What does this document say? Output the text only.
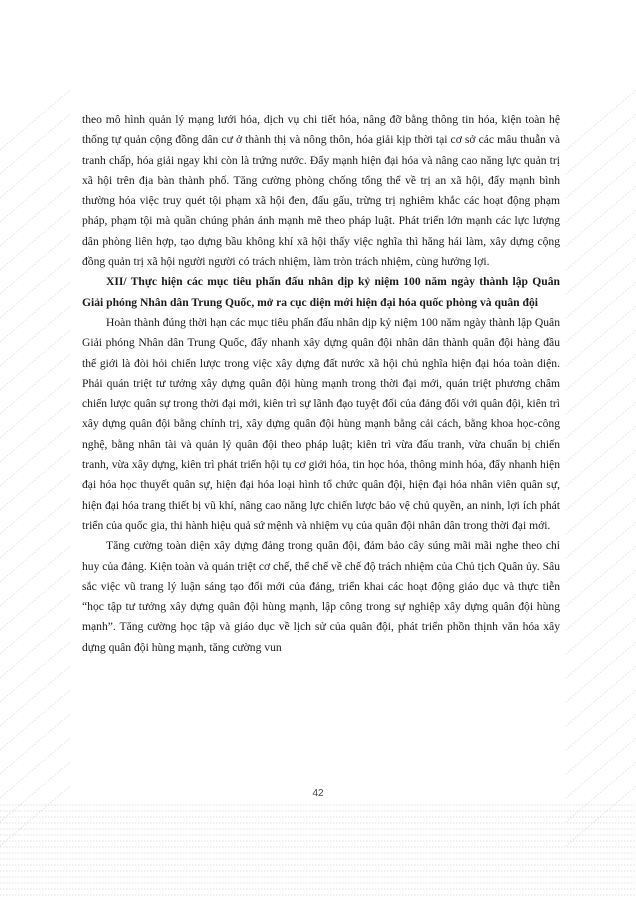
theo mô hình quản lý mạng lưới hóa, dịch vụ chi tiết hóa, nâng đỡ bằng thông tin hóa, kiện toàn hệ thống tự quản cộng đồng dân cư ở thành thị và nông thôn, hóa giải kịp thời tại cơ sở các mâu thuẫn và tranh chấp, hóa giải ngay khi còn là trứng nước. Đẩy mạnh hiện đại hóa và nâng cao năng lực quản trị xã hội trên địa bàn thành phố. Tăng cường phòng chống tổng thể về trị an xã hội, đẩy mạnh bình thường hóa việc truy quét tội phạm xã hội đen, đấu gấu, trừng trị nghiêm khắc các hoạt động phạm pháp, phạm tội mà quần chúng phản ánh mạnh mẽ theo pháp luật. Phát triển lớn mạnh các lực lượng dân phòng liên hợp, tạo dựng bầu không khí xã hội thấy việc nghĩa thì hăng hái làm, xây dựng cộng đồng quản trị xã hội người người có trách nhiệm, làm tròn trách nhiệm, cùng hưởng lợi.

XII/ Thực hiện các mục tiêu phấn đấu nhân dịp kỷ niệm 100 năm ngày thành lập Quân Giải phóng Nhân dân Trung Quốc, mở ra cục diện mới hiện đại hóa quốc phòng và quân đội

Hoàn thành đúng thời hạn các mục tiêu phấn đấu nhân dịp kỷ niệm 100 năm ngày thành lập Quân Giải phóng Nhân dân Trung Quốc, đẩy nhanh xây dựng quân đội nhân dân thành quân đội hàng đầu thế giới là đòi hỏi chiến lược trong việc xây dựng đất nước xã hội chủ nghĩa hiện đại hóa toàn diện. Phải quán triệt tư tưởng xây dựng quân đội hùng mạnh trong thời đại mới, quán triệt phương châm chiến lược quân sự trong thời đại mới, kiên trì sự lãnh đạo tuyệt đối của đảng đối với quân đội, kiên trì xây dựng quân đội bằng chính trị, xây dựng quân đội hùng mạnh bằng cải cách, bằng khoa học-công nghệ, bằng nhân tài và quản lý quân đội theo pháp luật; kiên trì vừa đấu tranh, vừa chuẩn bị chiến tranh, vừa xây dựng, kiên trì phát triển hội tụ cơ giới hóa, tin học hóa, thông minh hóa, đẩy nhanh hiện đại hóa học thuyết quân sự, hiện đại hóa loại hình tổ chức quân đội, hiện đại hóa nhân viên quân sự, hiện đại hóa trang thiết bị vũ khí, nâng cao năng lực chiến lược bảo vệ chủ quyền, an ninh, lợi ích phát triển của quốc gia, thi hành hiệu quả sứ mệnh và nhiệm vụ của quân đội nhân dân trong thời đại mới.

Tăng cường toàn diện xây dựng đảng trong quân đội, đảm bảo cây súng mãi mãi nghe theo chỉ huy của đảng. Kiện toàn và quán triệt cơ chế, thể chế về chế độ trách nhiệm của Chủ tịch Quân ủy. Sâu sắc việc vũ trang lý luận sáng tạo đổi mới của đảng, triển khai các hoạt động giáo dục và thực tiễn “học tập tư tưởng xây dựng quân đội hùng mạnh, lập công trong sự nghiệp xây dựng quân đội hùng mạnh”. Tăng cường học tập và giáo dục về lịch sử của quân đội, phát triển phồn thịnh văn hóa xây dựng quân đội hùng mạnh, tăng cường vun

42
